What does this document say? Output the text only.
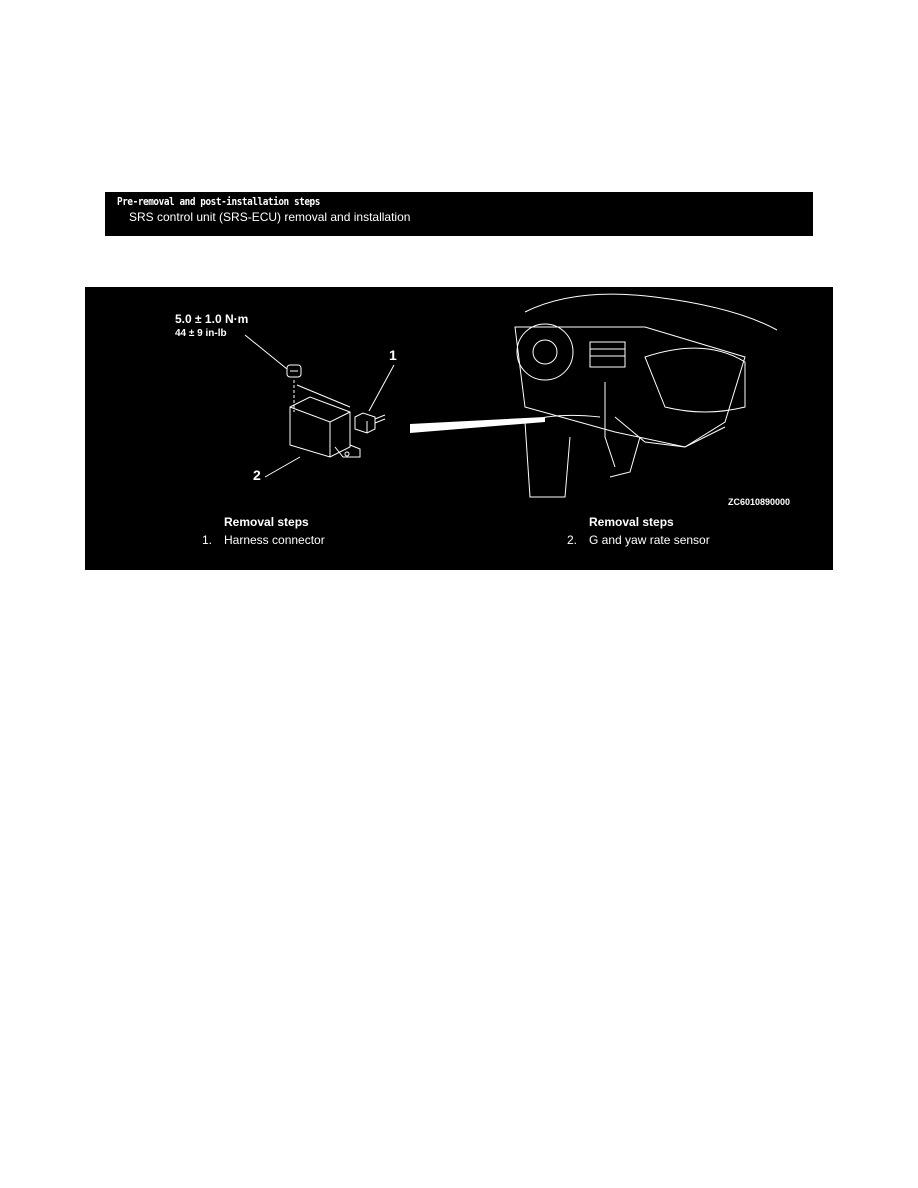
Pre-removal and post-installation steps
SRS control unit (SRS-ECU) removal and installation
5.0 ± 1.0 N·m
44 ± 9 in-lb
1
2
ZC6010890000
Removal steps
1. Harness connector
Removal steps
2. G and yaw rate sensor
